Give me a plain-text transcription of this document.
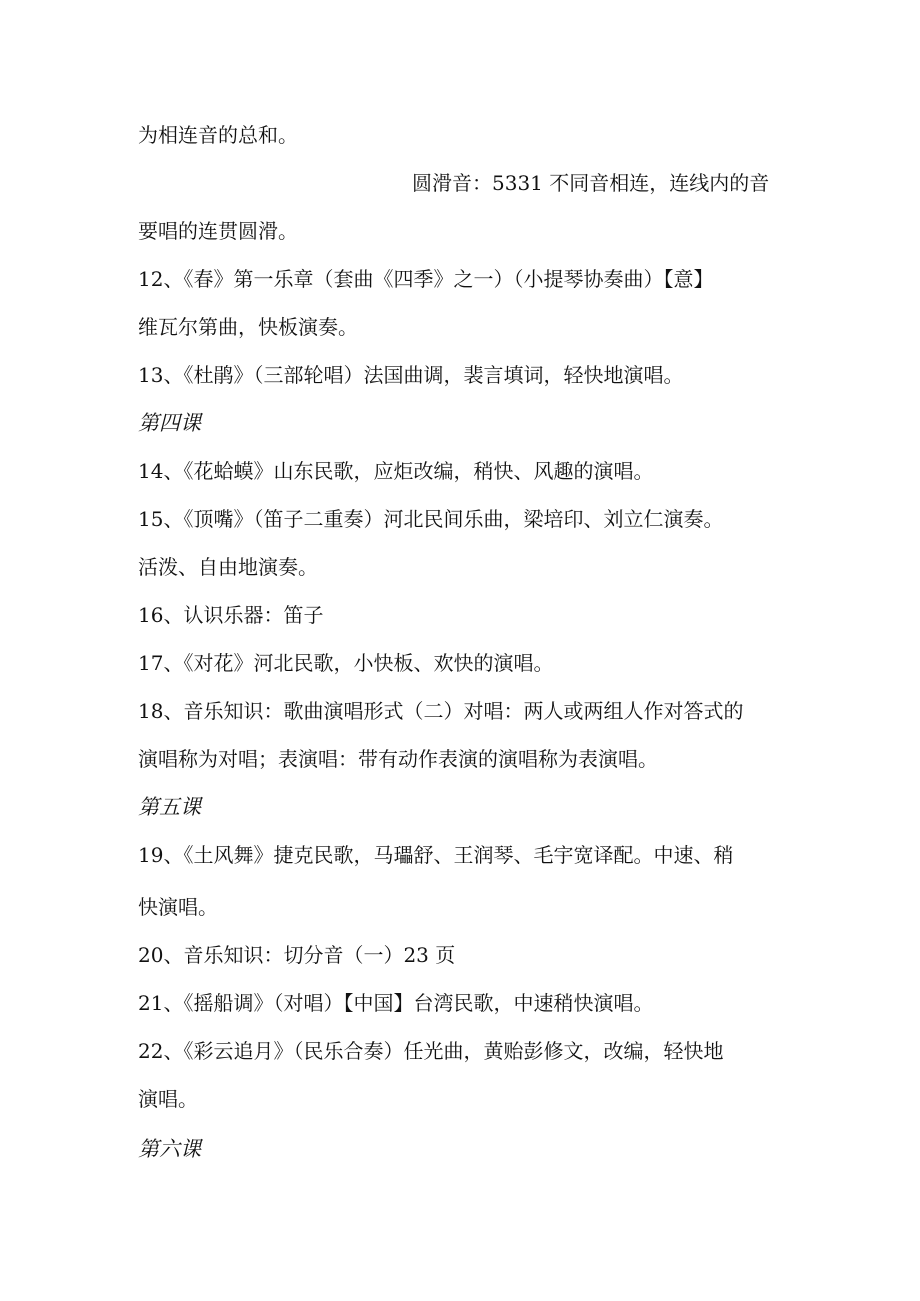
为相连音的总和。
圆滑音：5331 不同音相连，连线内的音
要唱的连贯圆滑。
12、《春》第一乐章（套曲《四季》之一）（小提琴协奏曲）【意】
维瓦尔第曲，快板演奏。
13、《杜鹃》（三部轮唱）法国曲调，裴言填词，轻快地演唱。
第四课
14、《花蛤蟆》山东民歌，应炬改编，稍快、风趣的演唱。
15、《顶嘴》（笛子二重奏）河北民间乐曲，梁培印、刘立仁演奏。
活泼、自由地演奏。
16、认识乐器：笛子
17、《对花》河北民歌，小快板、欢快的演唱。
18、音乐知识：歌曲演唱形式（二）对唱：两人或两组人作对答式的
演唱称为对唱；表演唱：带有动作表演的演唱称为表演唱。
第五课
19、《土风舞》捷克民歌，马瓃舒、王润琴、毛宇宽译配。中速、稍
快演唱。
20、音乐知识：切分音（一）23 页
21、《摇船调》（对唱）【中国】台湾民歌，中速稍快演唱。
22、《彩云追月》（民乐合奏）任光曲，黄贻彭修文，改编，轻快地
演唱。
第六课
